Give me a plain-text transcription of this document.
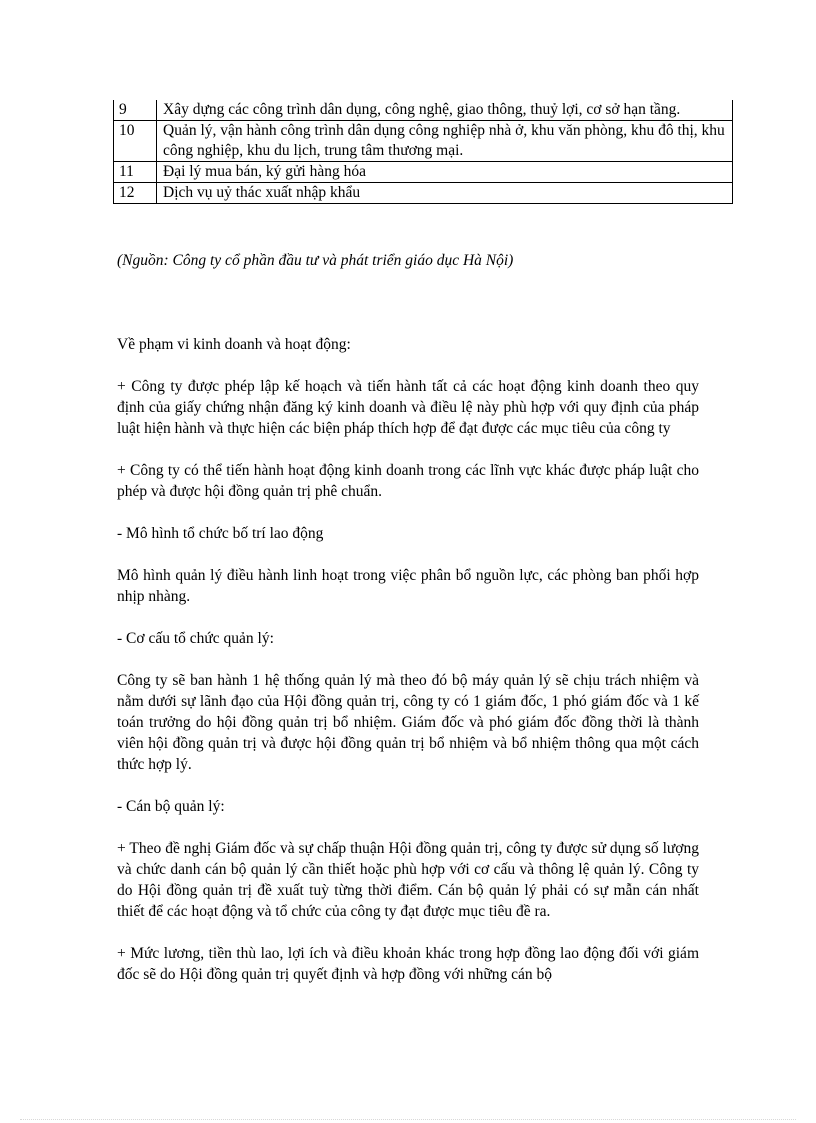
9	Xây dựng các công trình dân dụng, công nghệ, giao thông, thuỷ lợi, cơ sở hạn tầng.
10	Quản lý, vận hành công trình dân dụng công nghiệp nhà ở, khu văn phòng, khu đô thị, khu công nghiệp, khu du lịch, trung tâm thương mại.
11	Đại lý mua bán, ký gửi hàng hóa
12	Dịch vụ uỷ thác xuất nhập khẩu
(Nguồn: Công ty cổ phần đầu tư và phát triển giáo dục Hà Nội)

Về phạm vi kinh doanh và hoạt động:

+ Công ty được phép lập kế hoạch và tiến hành tất cả các hoạt động kinh doanh theo quy định của giấy chứng nhận đăng ký kinh doanh và điều lệ này phù hợp với quy định của pháp luật hiện hành và thực hiện các biện pháp thích hợp để đạt được các mục tiêu của công ty

+ Công ty có thể tiến hành hoạt động kinh doanh trong các lĩnh vực khác được pháp luật cho phép và được hội đồng quản trị phê chuẩn.

- Mô hình tổ chức bố trí lao động

Mô hình quản lý điều hành linh hoạt trong việc phân bổ nguồn lực, các phòng ban phối hợp nhịp nhàng.

- Cơ cấu tổ chức quản lý:

Công ty sẽ ban hành 1 hệ thống quản lý mà theo đó bộ máy quản lý sẽ chịu trách nhiệm và nằm dưới sự lãnh đạo của Hội đồng quản trị, công ty có 1 giám đốc, 1 phó giám đốc và 1 kế toán trưởng do hội đồng quản trị bổ nhiệm. Giám đốc và phó giám đốc đồng thời là thành viên hội đồng quản trị và được hội đồng quản trị bổ nhiệm và bổ nhiệm thông qua một cách thức hợp lý.

- Cán bộ quản lý:

+ Theo đề nghị Giám đốc và sự chấp thuận Hội đồng quản trị, công ty được sử dụng số lượng và chức danh cán bộ quản lý cần thiết hoặc phù hợp với cơ cấu và thông lệ quản lý. Công ty do Hội đồng quản trị đề xuất tuỳ từng thời điểm. Cán bộ quản lý phải có sự mẫn cán nhất thiết để các hoạt động và tổ chức của công ty đạt được mục tiêu đề ra.

+ Mức lương, tiền thù lao, lợi ích và điều khoản khác trong hợp đồng lao động đối với giám đốc sẽ do Hội đồng quản trị quyết định và hợp đồng với những cán bộ
